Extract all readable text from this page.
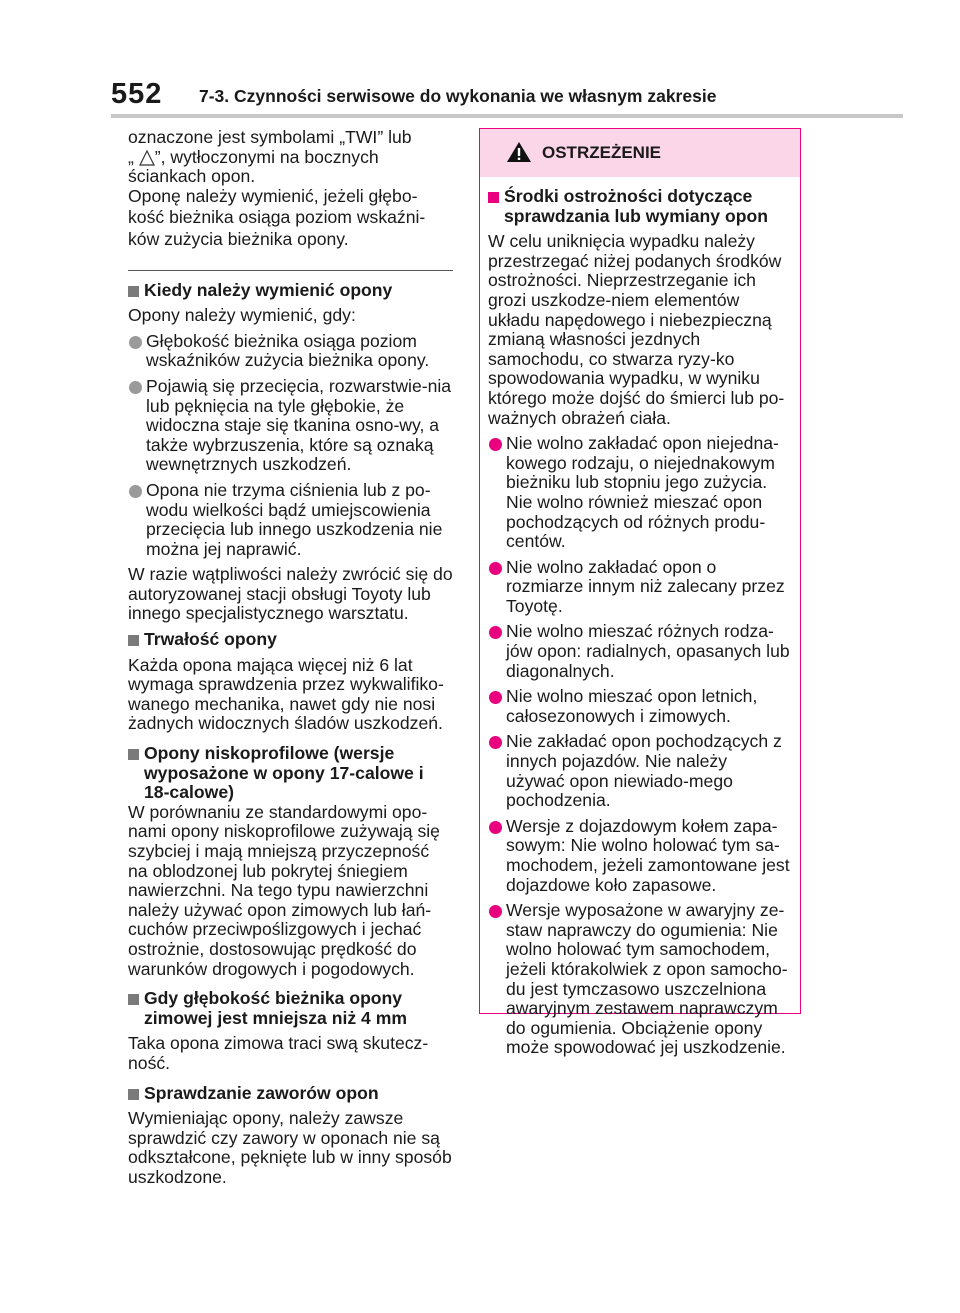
552 7-3. Czynności serwisowe do wykonania we własnym zakresie

oznaczone jest symbolami „TWI” lub

„ ”, wytłoczonymi na bocznych

ściankach opon.

Oponę należy wymienić, jeżeli głębo-

kość bieżnika osiąga poziom wskaźni-

ków zużycia bieżnika opony.

Kiedy należy wymienić opony

Opony należy wymienić, gdy:

Głębokość bieżnika osiąga poziom wskaźników zużycia bieżnika opony.

Pojawią się przecięcia, rozwarstwie-nia lub pęknięcia na tyle głębokie, że widoczna staje się tkanina osno-wy, a także wybrzuszenia, które są oznaką wewnętrznych uszkodzeń.

Opona nie trzyma ciśnienia lub z po-wodu wielkości bądź umiejscowienia przecięcia lub innego uszkodzenia nie można jej naprawić.

W razie wątpliwości należy zwrócić się do autoryzowanej stacji obsługi Toyoty lub innego specjalistycznego warsztatu.

Trwałość opony

Każda opona mająca więcej niż 6 lat wymaga sprawdzenia przez wykwalifiko-wanego mechanika, nawet gdy nie nosi żadnych widocznych śladów uszkodzeń.

Opony niskoprofilowe (wersje wyposażone w opony 17-calowe i 18-calowe)

W porównaniu ze standardowymi opo-nami opony niskoprofilowe zużywają się szybciej i mają mniejszą przyczepność na oblodzonej lub pokrytej śniegiem nawierzchni. Na tego typu nawierzchni należy używać opon zimowych lub łań-cuchów przeciwpoślizgowych i jechać ostrożnie, dostosowując prędkość do warunków drogowych i pogodowych.

Gdy głębokość bieżnika opony zimowej jest mniejsza niż 4 mm

Taka opona zimowa traci swą skutecz-ność.

Sprawdzanie zaworów opon

Wymieniając opony, należy zawsze sprawdzić czy zawory w oponach nie są odkształcone, pęknięte lub w inny sposób uszkodzone.

OSTRZEŻENIE

Środki ostrożności dotyczące sprawdzania lub wymiany opon

W celu uniknięcia wypadku należy przestrzegać niżej podanych środków ostrożności. Nieprzestrzeganie ich grozi uszkodze-niem elementów układu napędowego i niebezpieczną zmianą własności jezdnych samochodu, co stwarza ryzy-ko spowodowania wypadku, w wyniku którego może dojść do śmierci lub po-ważnych obrażeń ciała.

Nie wolno zakładać opon niejedna-kowego rodzaju, o niejednakowym bieżniku lub stopniu jego zużycia. Nie wolno również mieszać opon pochodzących od różnych produ-centów.

Nie wolno zakładać opon o rozmiarze innym niż zalecany przez Toyotę.

Nie wolno mieszać różnych rodza-jów opon: radialnych, opasanych lub diagonalnych.

Nie wolno mieszać opon letnich, całosezonowych i zimowych.

Nie zakładać opon pochodzących z innych pojazdów. Nie należy używać opon niewiado-mego pochodzenia.

Wersje z dojazdowym kołem zapa-sowym: Nie wolno holować tym sa-mochodem, jeżeli zamontowane jest dojazdowe koło zapasowe.

Wersje wyposażone w awaryjny ze-staw naprawczy do ogumienia: Nie wolno holować tym samochodem, jeżeli którakolwiek z opon samocho-du jest tymczasowo uszczelniona awaryjnym zestawem naprawczym do ogumienia. Obciążenie opony może spowodować jej uszkodzenie.
